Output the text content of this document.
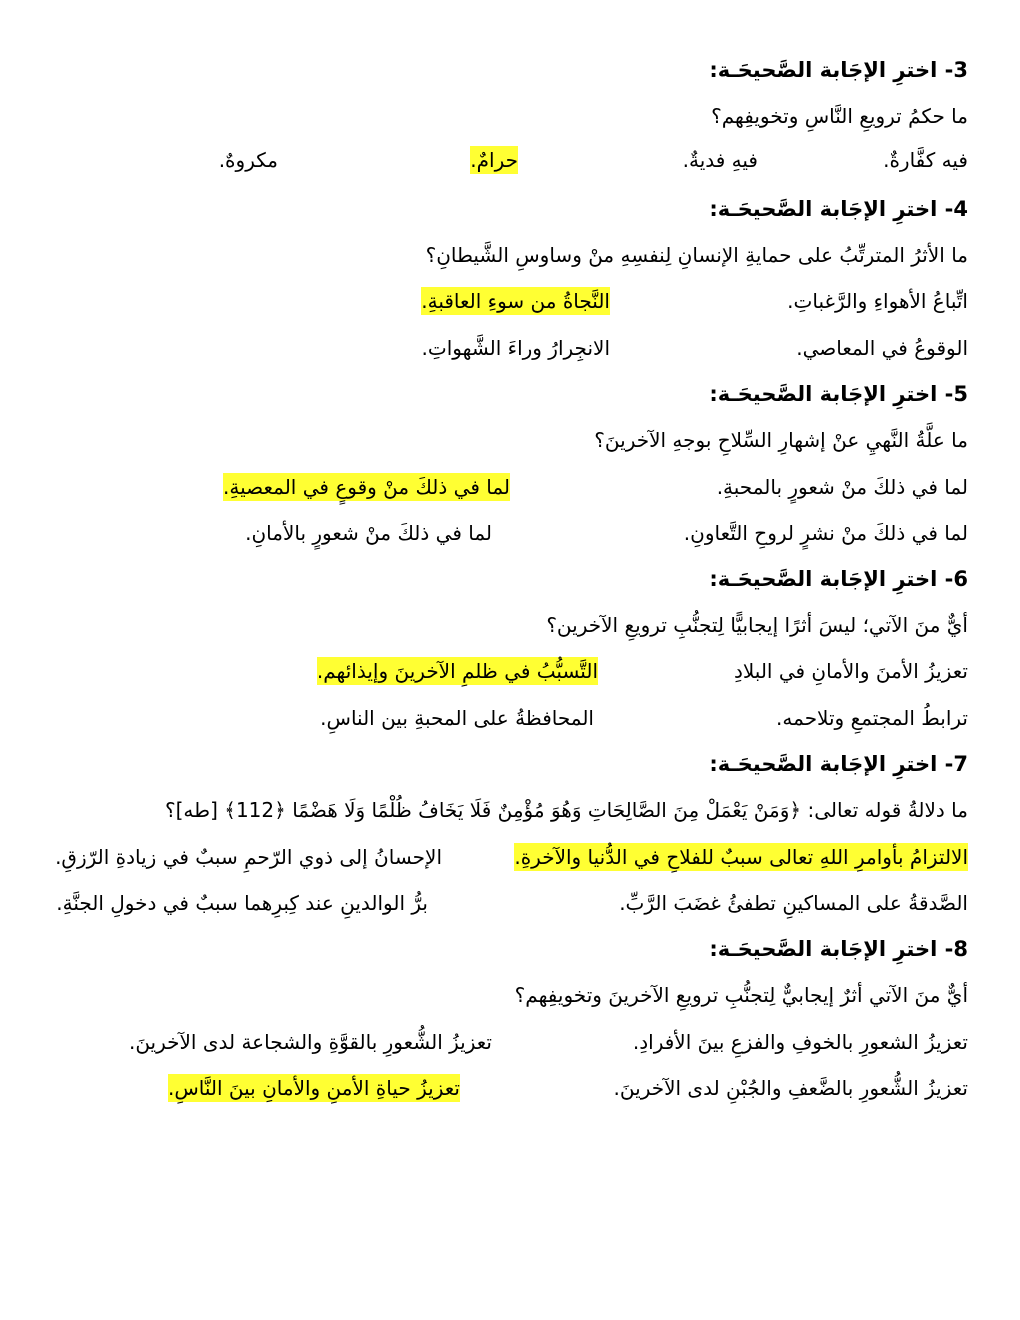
3- اخترِ الإجَابة الصَّحيحَـة:
ما حكمُ ترويعِ النَّاسِ وتخويفِهم؟
فيه كفَّارةٌ.
فيهِ فديةٌ.
حرامٌ.
مكروهٌ.
4- اخترِ الإجَابة الصَّحيحَـة:
ما الأثرُ المترتِّبُ على حمايةِ الإنسانِ لِنفسِهِ منْ وساوسِ الشَّيطانِ؟
اتِّباعُ الأهواءِ والرَّغباتِ.
النَّجاةُ من سوءِ العاقبةِ.
الوقوعُ في المعاصي.
الانجِرارُ وراءَ الشَّهواتِ.
5- اخترِ الإجَابة الصَّحيحَـة:
ما علَّةُ النَّهيِ عنْ إشهارِ السِّلاحِ بوجهِ الآخرينَ؟
لما في ذلكَ منْ شعورٍ بالمحبةِ.
لما في ذلكَ منْ وقوعٍ في المعصيةِ.
لما في ذلكَ منْ نشرٍ لروحِ التَّعاونِ.
لما في ذلكَ منْ شعورٍ بالأمانِ.
6- اخترِ الإجَابة الصَّحيحَـة:
أيٌّ منَ الآتي؛ ليسَ أثرًا إيجابيًّا لِتجنُّبِ ترويعِ الآخرين؟
تعزيزُ الأمنَ والأمانِ في البلادِ
التَّسبُّبُ في ظلمِ الآخرينَ وإيذائهم.
ترابطُ المجتمعِ وتلاحمه.
المحافظةُ على المحبةِ بين الناسِ.
7- اخترِ الإجَابة الصَّحيحَـة:
ما دلالةُ قوله تعالى: ﴿وَمَنْ يَعْمَلْ مِنَ الصَّالِحَاتِ وَهُوَ مُؤْمِنٌ فَلَا يَخَافُ ظُلْمًا وَلَا هَضْمًا ﴿112﴾ [طه]؟
الالتزامُ بأوامرِ اللهِ تعالى سببٌ للفلاحِ في الدُّنيا والآخرةِ.
الإحسانُ إلى ذوي الرّحمِ سببٌ في زيادةِ الرّزقِ.
الصَّدقةُ على المساكينِ تطفئُ غضَبَ الرَّبِّ.
برُّ الوالدينِ عند كِبرِهما سببٌ في دخولِ الجنَّةِ.
8- اخترِ الإجَابة الصَّحيحَـة:
أيٌّ منَ الآتي أثرٌ إيجابيٌّ لِتجنُّبِ ترويعِ الآخرينَ وتخويفِهم؟
تعزيزُ الشعورِ بالخوفِ والفزعِ بينَ الأفرادِ.
تعزيزُ الشُّعورِ بالقوَّةِ والشجاعة لدى الآخرينَ.
تعزيزُ الشُّعورِ بالضَّعفِ والجُبْنِ لدى الآخرينَ.
تعزيزُ حياةِ الأمنِ والأمانِ بينَ النَّاسِ.
